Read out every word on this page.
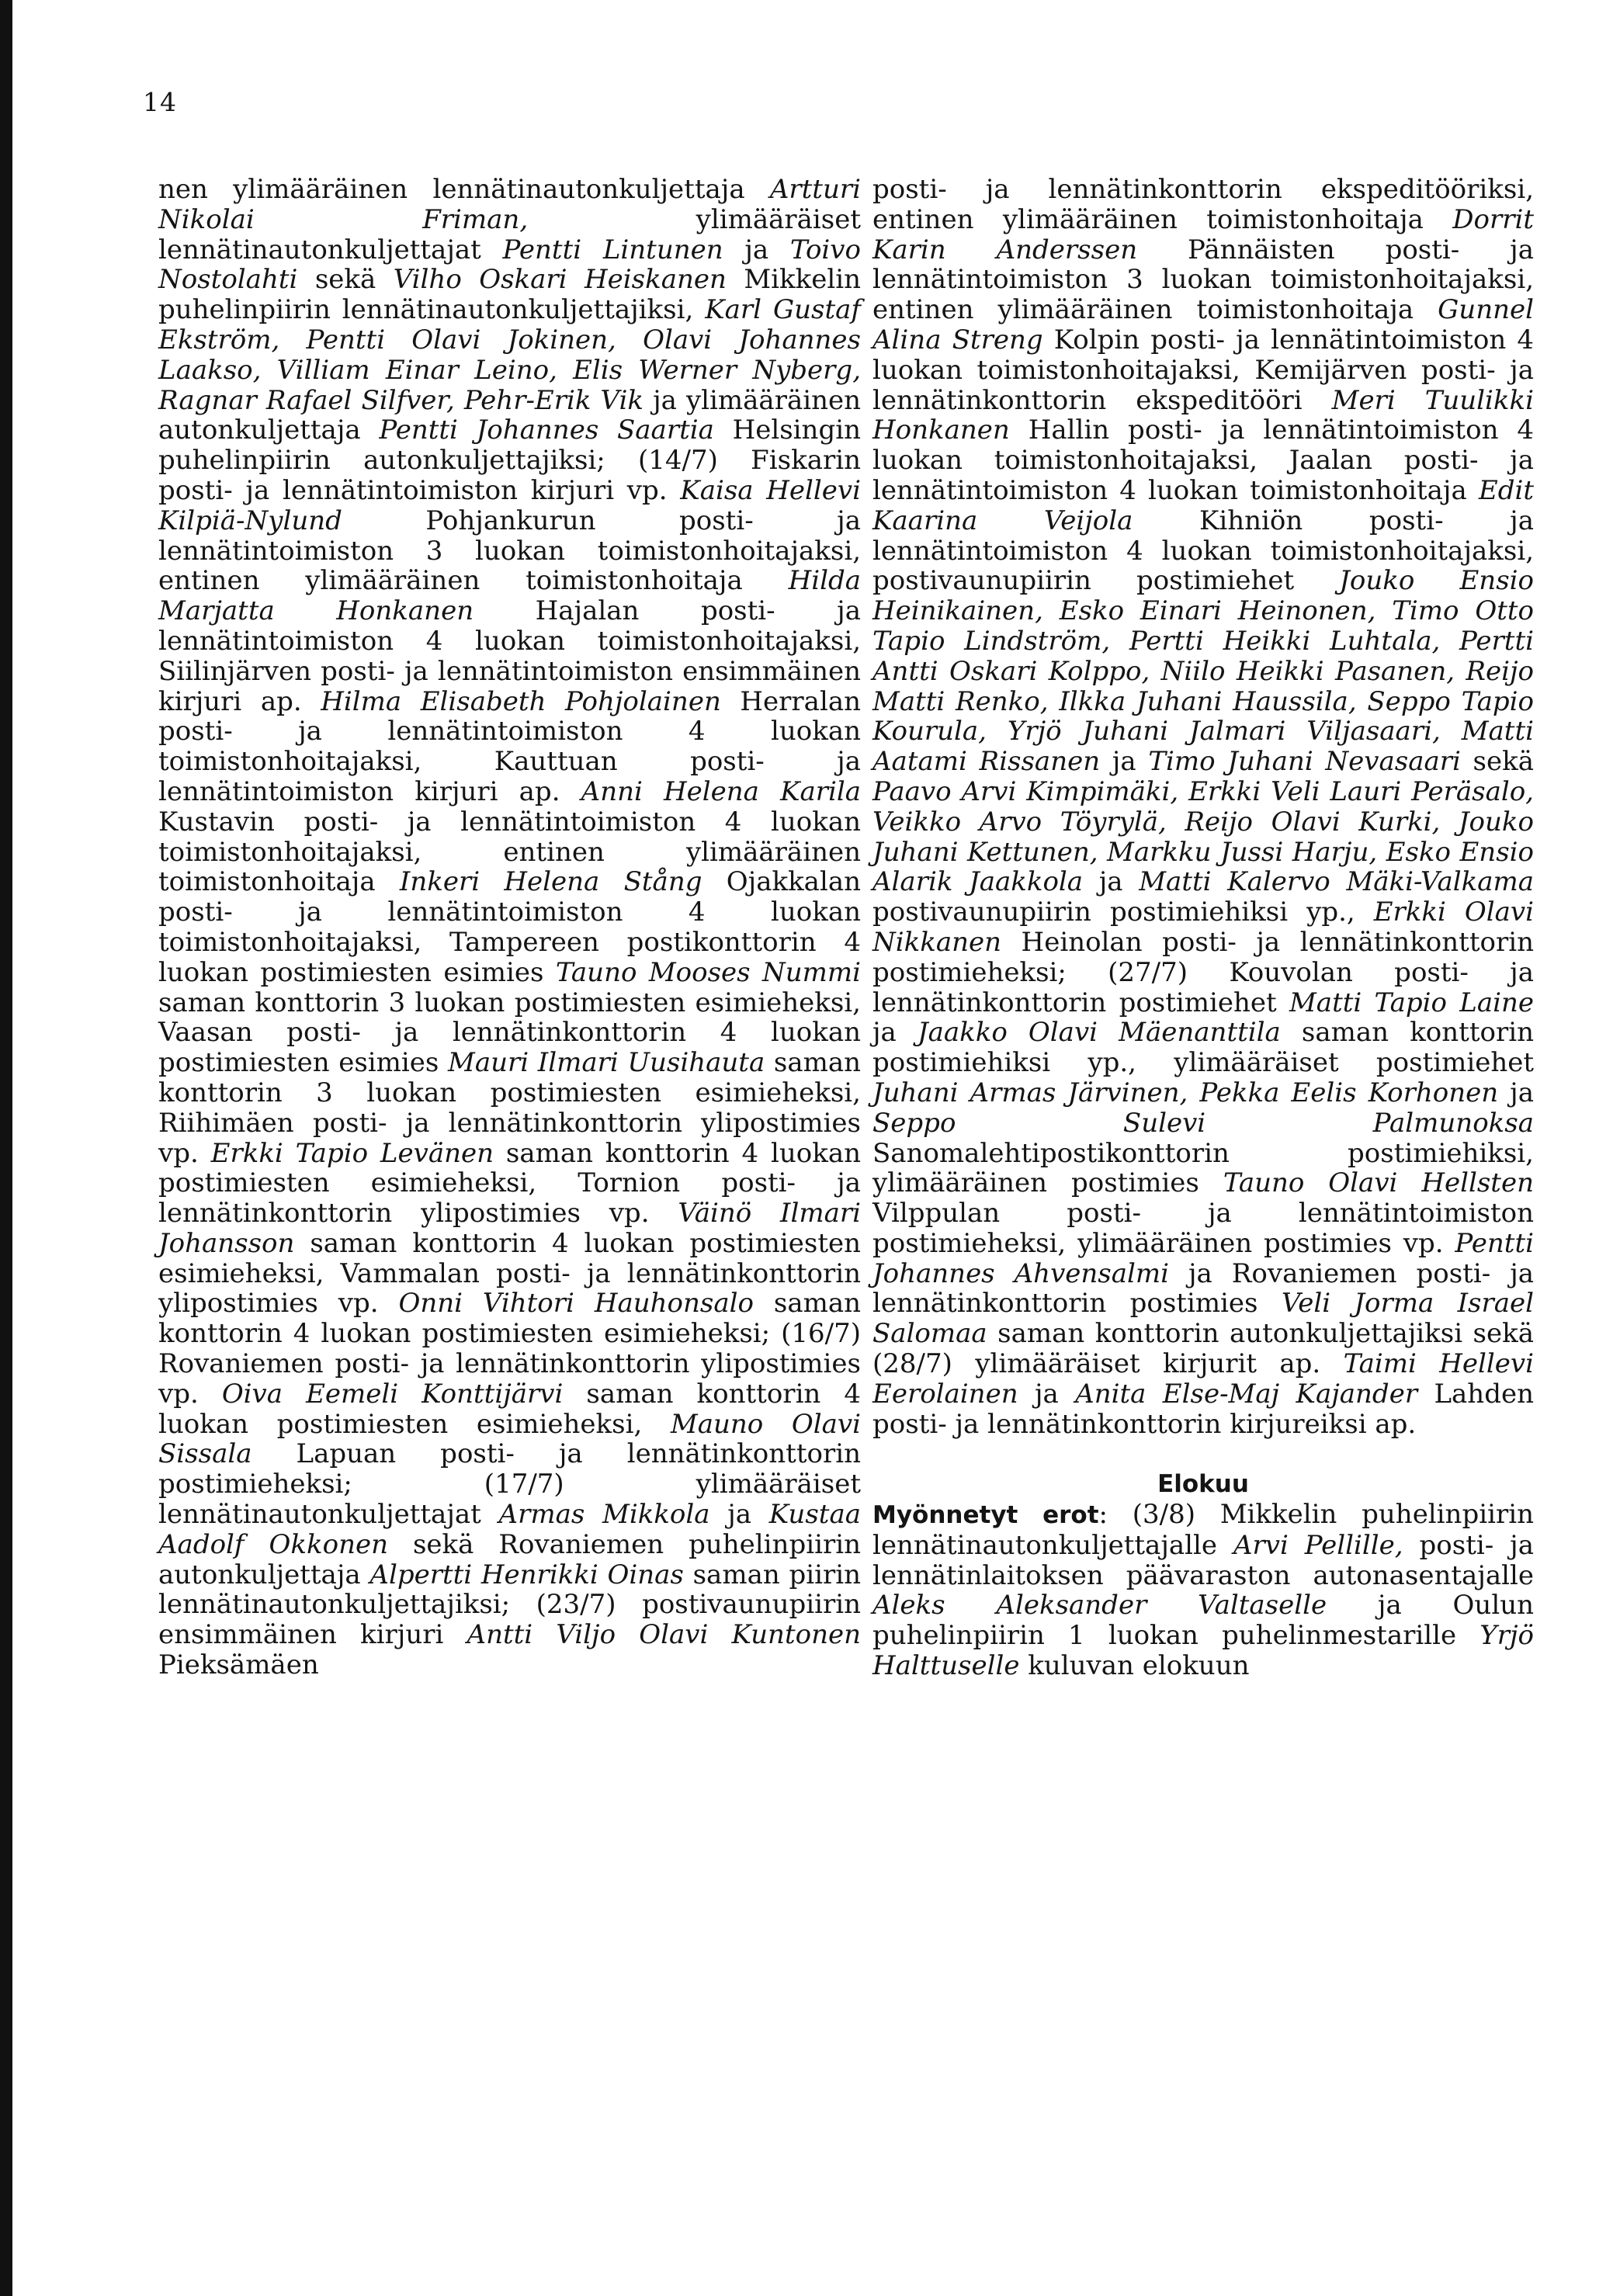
14

nen ylimääräinen lennätinautonkuljettaja Artturi Nikolai Friman, ylimääräiset lennätinautonkuljettajat Pentti Lintunen ja Toivo Nostolahti sekä Vilho Oskari Heiskanen Mikkelin puhelinpiirin lennätinautonkuljettajiksi, Karl Gustaf Ekström, Pentti Olavi Jokinen, Olavi Johannes Laakso, Villiam Einar Leino, Elis Werner Nyberg, Ragnar Rafael Silfver, Pehr-Erik Vik ja ylimääräinen autonkuljettaja Pentti Johannes Saartia Helsingin puhelinpiirin autonkuljettajiksi; (14/7) Fiskarin posti- ja lennätintoimiston kirjuri vp. Kaisa Hellevi Kilpiä-Nylund Pohjankurun posti- ja lennätintoimiston 3 luokan toimistonhoitajaksi, entinen ylimääräinen toimistonhoitaja Hilda Marjatta Honkanen Hajalan posti- ja lennätintoimiston 4 luokan toimistonhoitajaksi, Siilinjärven posti- ja lennätintoimiston ensimmäinen kirjuri ap. Hilma Elisabeth Pohjolainen Herralan posti- ja lennätintoimiston 4 luokan toimistonhoitajaksi, Kauttuan posti- ja lennätintoimiston kirjuri ap. Anni Helena Karila Kustavin posti- ja lennätintoimiston 4 luokan toimistonhoitajaksi, entinen ylimääräinen toimistonhoitaja Inkeri Helena Stång Ojakkalan posti- ja lennätintoimiston 4 luokan toimistonhoitajaksi, Tampereen postikonttorin 4 luokan postimiesten esimies Tauno Mooses Nummi saman konttorin 3 luokan postimiesten esimieheksi, Vaasan posti- ja lennätinkonttorin 4 luokan postimiesten esimies Mauri Ilmari Uusihauta saman konttorin 3 luokan postimiesten esimieheksi, Riihimäen posti- ja lennätinkonttorin ylipostimies vp. Erkki Tapio Levänen saman konttorin 4 luokan postimiesten esimieheksi, Tornion posti- ja lennätinkonttorin ylipostimies vp. Väinö Ilmari Johansson saman konttorin 4 luokan postimiesten esimieheksi, Vammalan posti- ja lennätinkonttorin ylipostimies vp. Onni Vihtori Hauhonsalo saman konttorin 4 luokan postimiesten esimieheksi; (16/7) Rovaniemen posti- ja lennätinkonttorin ylipostimies vp. Oiva Eemeli Konttijärvi saman konttorin 4 luokan postimiesten esimieheksi, Mauno Olavi Sissala Lapuan posti- ja lennätinkonttorin postimieheksi; (17/7) ylimääräiset lennätinautonkuljettajat Armas Mikkola ja Kustaa Aadolf Okkonen sekä Rovaniemen puhelinpiirin autonkuljettaja Alpertti Henrikki Oinas saman piirin lennätinautonkuljettajiksi; (23/7) postivaunupiirin ensimmäinen kirjuri Antti Viljo Olavi Kuntonen Pieksämäen

posti- ja lennätinkonttorin ekspeditööriksi, entinen ylimääräinen toimistonhoitaja Dorrit Karin Anderssen Pännäisten posti- ja lennätintoimiston 3 luokan toimistonhoitajaksi, entinen ylimääräinen toimistonhoitaja Gunnel Alina Streng Kolpin posti- ja lennätintoimiston 4 luokan toimistonhoitajaksi, Kemijärven posti- ja lennätinkonttorin ekspeditööri Meri Tuulikki Honkanen Hallin posti- ja lennätintoimiston 4 luokan toimistonhoitajaksi, Jaalan posti- ja lennätintoimiston 4 luokan toimistonhoitaja Edit Kaarina Veijola Kihniön posti- ja lennätintoimiston 4 luokan toimistonhoitajaksi, postivaunupiirin postimiehet Jouko Ensio Heinikainen, Esko Einari Heinonen, Timo Otto Tapio Lindström, Pertti Heikki Luhtala, Pertti Antti Oskari Kolppo, Niilo Heikki Pasanen, Reijo Matti Renko, Ilkka Juhani Haussila, Seppo Tapio Kourula, Yrjö Juhani Jalmari Viljasaari, Matti Aatami Rissanen ja Timo Juhani Nevasaari sekä Paavo Arvi Kimpimäki, Erkki Veli Lauri Peräsalo, Veikko Arvo Töyrylä, Reijo Olavi Kurki, Jouko Juhani Kettunen, Markku Jussi Harju, Esko Ensio Alarik Jaakkola ja Matti Kalervo Mäki-Valkama postivaunupiirin postimiehiksi yp., Erkki Olavi Nikkanen Heinolan posti- ja lennätinkonttorin postimieheksi; (27/7) Kouvolan posti- ja lennätinkonttorin postimiehet Matti Tapio Laine ja Jaakko Olavi Mäenanttila saman konttorin postimiehiksi yp., ylimääräiset postimiehet Juhani Armas Järvinen, Pekka Eelis Korhonen ja Seppo Sulevi Palmunoksa Sanomalehtipostikonttorin postimiehiksi, ylimääräinen postimies Tauno Olavi Hellsten Vilppulan posti- ja lennätintoimiston postimieheksi, ylimääräinen postimies vp. Pentti Johannes Ahvensalmi ja Rovaniemen posti- ja lennätinkonttorin postimies Veli Jorma Israel Salomaa saman konttorin autonkuljettajiksi sekä (28/7) ylimääräiset kirjurit ap. Taimi Hellevi Eerolainen ja Anita Else-Maj Kajander Lahden posti- ja lennätinkonttorin kirjureiksi ap.

Elokuu

Myönnetyt erot: (3/8) Mikkelin puhelinpiirin lennätinautonkuljettajalle Arvi Pellille, posti- ja lennätinlaitoksen päävaraston autonasentajalle Aleks Aleksander Valtaselle ja Oulun puhelinpiirin 1 luokan puhelinmestarille Yrjö Halttuselle kuluvan elokuun
